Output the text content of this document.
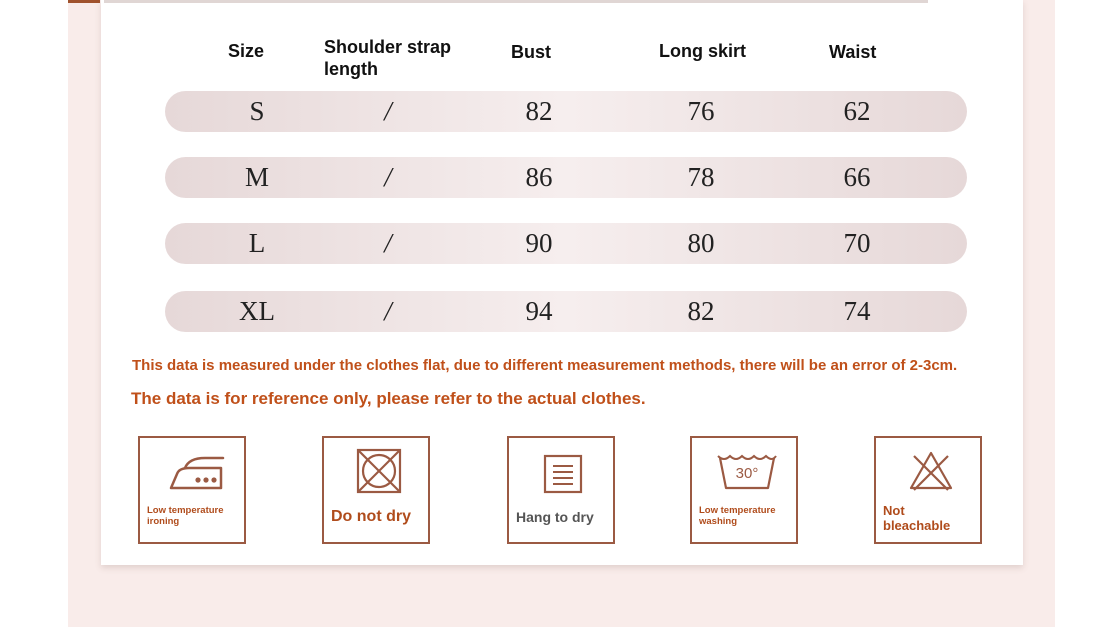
Size	Shoulder strap
length
Bust	Long skirt	Waist
S	/	82	76	62
M	/	86	78	66
L	/	90	80	70
XL	/	94	82	74
This data is measured under the clothes flat, due to different measurement methods, there will be an error of 2-3cm.
The data is for reference only, please refer to the actual clothes.
Low temperature
ironing	Do not dry	Hang to dry
30°
Low temperature
washing
Not
bleachable
